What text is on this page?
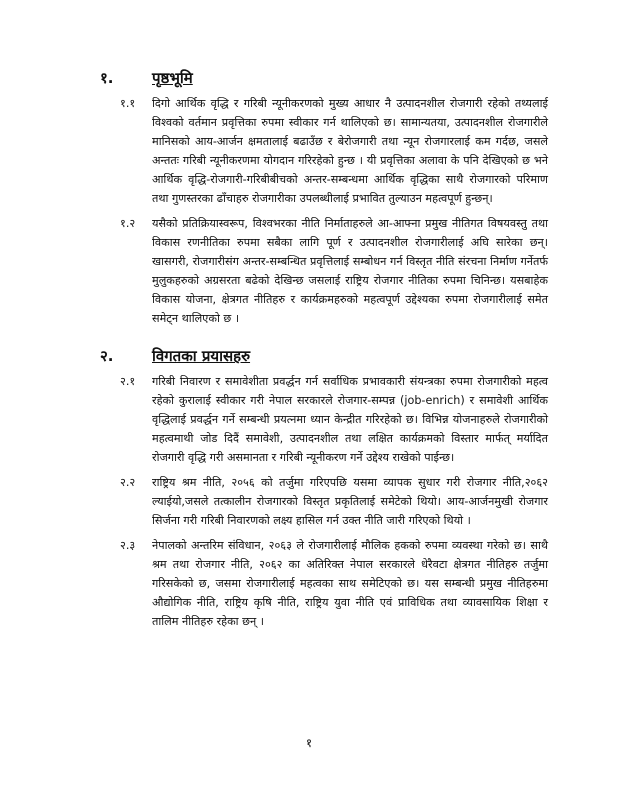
१.	पृष्ठभूमि
१.१	दिगो आर्थिक वृद्धि र गरिबी न्यूनीकरणको मुख्य आधार नै उत्पादनशील रोजगारी रहेको तथ्यलाई विश्वको वर्तमान प्रवृत्तिका रुपमा स्वीकार गर्न थालिएको छ। सामान्यतया, उत्पादनशील रोजगारीले मानिसको आय-आर्जन क्षमतालाई बढाउँछ र बेरोजगारी तथा न्यून रोजगारलाई कम गर्दछ, जसले अन्ततः गरिबी न्यूनीकरणमा योगदान गरिरहेको हुन्छ । यी प्रवृत्तिका अलावा के पनि देखिएको छ भने आर्थिक वृद्धि-रोजगारी-गरिबीबीचको अन्तर-सम्बन्धमा आर्थिक वृद्धिका साथै रोजगारको परिमाण तथा गुणस्तरका ढाँचाहरु रोजगारीका उपलब्धीलाई प्रभावित तुल्याउन महत्वपूर्ण हुन्छन्।
१.२	यसैको प्रतिक्रियास्वरूप, विश्वभरका नीति निर्माताहरुले आ-आफ्ना प्रमुख नीतिगत विषयवस्तु तथा विकास रणनीतिका रुपमा सबैका लागि पूर्ण र उत्पादनशील रोजगारीलाई अघि सारेका छन्। खासगरी, रोजगारीसंग अन्तर-सम्बन्धित प्रवृत्तिलाई सम्बोधन गर्न विस्तृत नीति संरचना निर्माण गर्नेतर्फ मुलुकहरुको अग्रसरता बढेको देखिन्छ जसलाई राष्ट्रिय रोजगार नीतिका रुपमा चिनिन्छ। यसबाहेक विकास योजना, क्षेत्रगत नीतिहरु र कार्यक्रमहरुको महत्वपूर्ण उद्देश्यका रुपमा रोजगारीलाई समेत समेट्न थालिएको छ ।
२.	विगतका प्रयासहरु
२.१	गरिबी निवारण र समावेशीता प्रवर्द्धन गर्न सर्वाधिक प्रभावकारी संयन्त्रका रुपमा रोजगारीको महत्व रहेको कुरालाई स्वीकार गरी नेपाल सरकारले रोजगार-सम्पन्न (job-enrich) र समावेशी आर्थिक वृद्धिलाई प्रवर्द्धन गर्ने सम्बन्धी प्रयत्नमा ध्यान केन्द्रीत गरिरहेको छ। विभिन्न योजनाहरुले रोजगारीको महत्वमाथी जोड दिदैं समावेशी, उत्पादनशील तथा लक्षित कार्यक्रमको विस्तार मार्फत् मर्यादित रोजगारी वृद्धि गरी असमानता र गरिबी न्यूनीकरण गर्ने उद्देश्य राखेको पाईन्छ।
२.२	राष्ट्रिय श्रम नीति, २०५६ को तर्जुमा गरिएपछि यसमा व्यापक सुधार गरी रोजगार नीति,२०६२ ल्याईयो,जसले तत्कालीन रोजगारको विस्तृत प्रकृतिलाई समेटेको थियो। आय-आर्जनमुखी रोजगार सिर्जना गरी गरिबी निवारणको लक्ष्य हासिल गर्न उक्त नीति जारी गरिएको थियो ।
२.३	नेपालको अन्तरिम संविधान, २०६३ ले रोजगारीलाई मौलिक हकको रुपमा व्यवस्था गरेको छ। साथै श्रम तथा रोजगार नीति, २०६२ का अतिरिक्त नेपाल सरकारले धेरैवटा क्षेत्रगत नीतिहरु तर्जुमा गरिसकेको छ, जसमा रोजगारीलाई महत्वका साथ समेटिएको छ। यस सम्बन्धी प्रमुख नीतिहरुमा औद्योगिक नीति, राष्ट्रिय कृषि नीति, राष्ट्रिय युवा नीति एवं प्राविधिक तथा व्यावसायिक शिक्षा र तालिम नीतिहरु रहेका छन् ।
१
